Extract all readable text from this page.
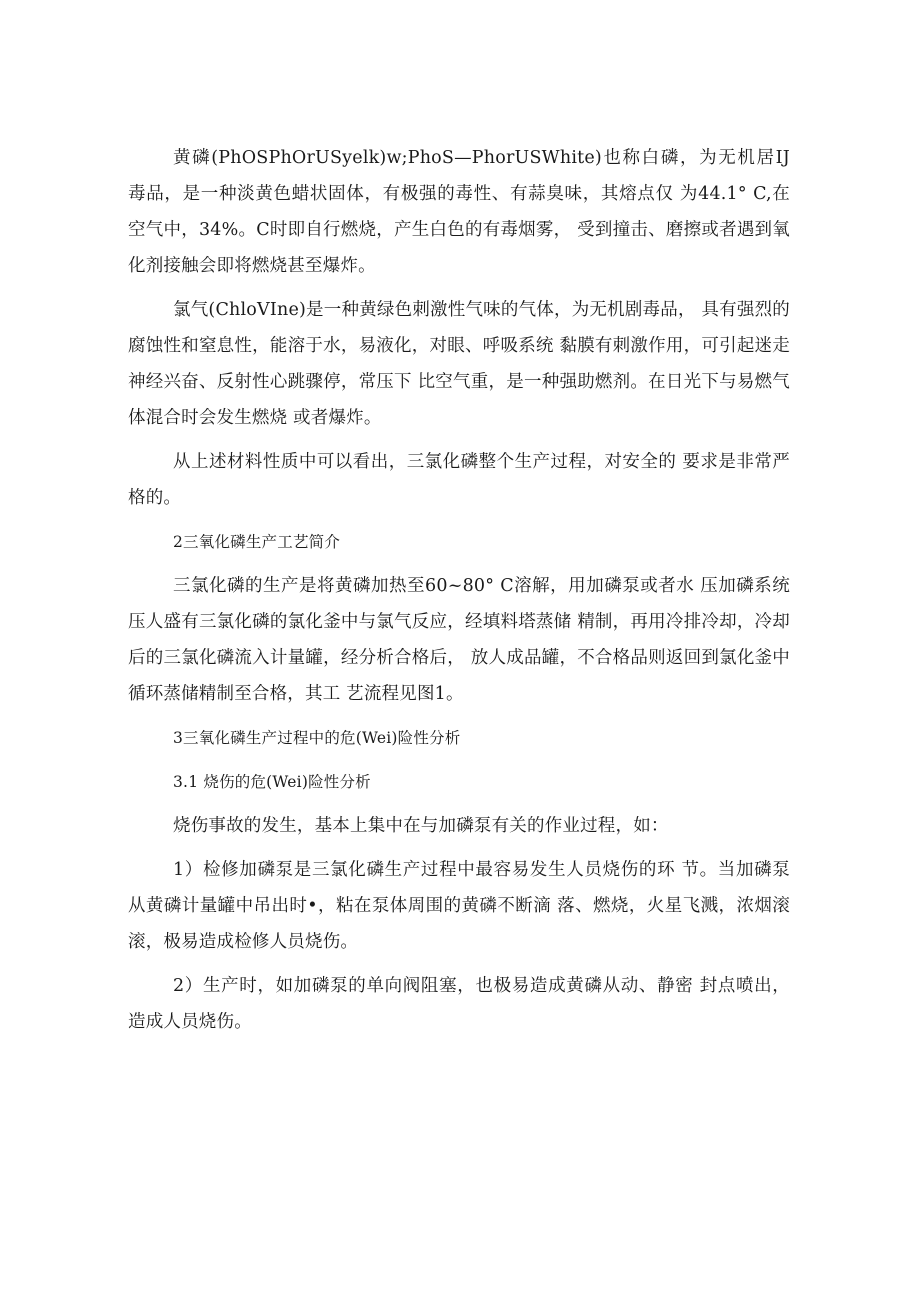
黄磷(PhOSPhOrUSyelk)w;PhoS—PhorUSWhite)也称白磷，为无机居IJ 毒品，是一种淡黄色蜡状固体，有极强的毒性、有蒜臭味，其熔点仅 为44.1° C,在空气中，34%。C时即自行燃烧，产生白色的有毒烟雾， 受到撞击、磨擦或者遇到氧化剂接触会即将燃烧甚至爆炸。

氯气(ChloVIne)是一种黄绿色刺激性气味的气体，为无机剧毒品， 具有强烈的腐蚀性和窒息性，能溶于水，易液化，对眼、呼吸系统 黏膜有刺激作用，可引起迷走神经兴奋、反射性心跳骤停，常压下 比空气重，是一种强助燃剂。在日光下与易燃气体混合时会发生燃烧 或者爆炸。

从上述材料性质中可以看出，三氯化磷整个生产过程，对安全的 要求是非常严格的。

2三氧化磷生产工艺简介

三氯化磷的生产是将黄磷加热至60~80° C溶解，用加磷泵或者水 压加磷系统压人盛有三氯化磷的氯化釜中与氯气反应，经填料塔蒸储 精制，再用冷排冷却，冷却后的三氯化磷流入计量罐，经分析合格后， 放人成品罐，不合格品则返回到氯化釜中循环蒸储精制至合格，其工 艺流程见图1。

3三氧化磷生产过程中的危(Wei)险性分析

3.1 烧伤的危(Wei)险性分析

烧伤事故的发生，基本上集中在与加磷泵有关的作业过程，如：

1）检修加磷泵是三氯化磷生产过程中最容易发生人员烧伤的环 节。当加磷泵从黄磷计量罐中吊出时•，粘在泵体周围的黄磷不断滴 落、燃烧，火星飞溅，浓烟滚滚，极易造成检修人员烧伤。

2）生产时，如加磷泵的单向阀阻塞，也极易造成黄磷从动、静密 封点喷出，造成人员烧伤。
